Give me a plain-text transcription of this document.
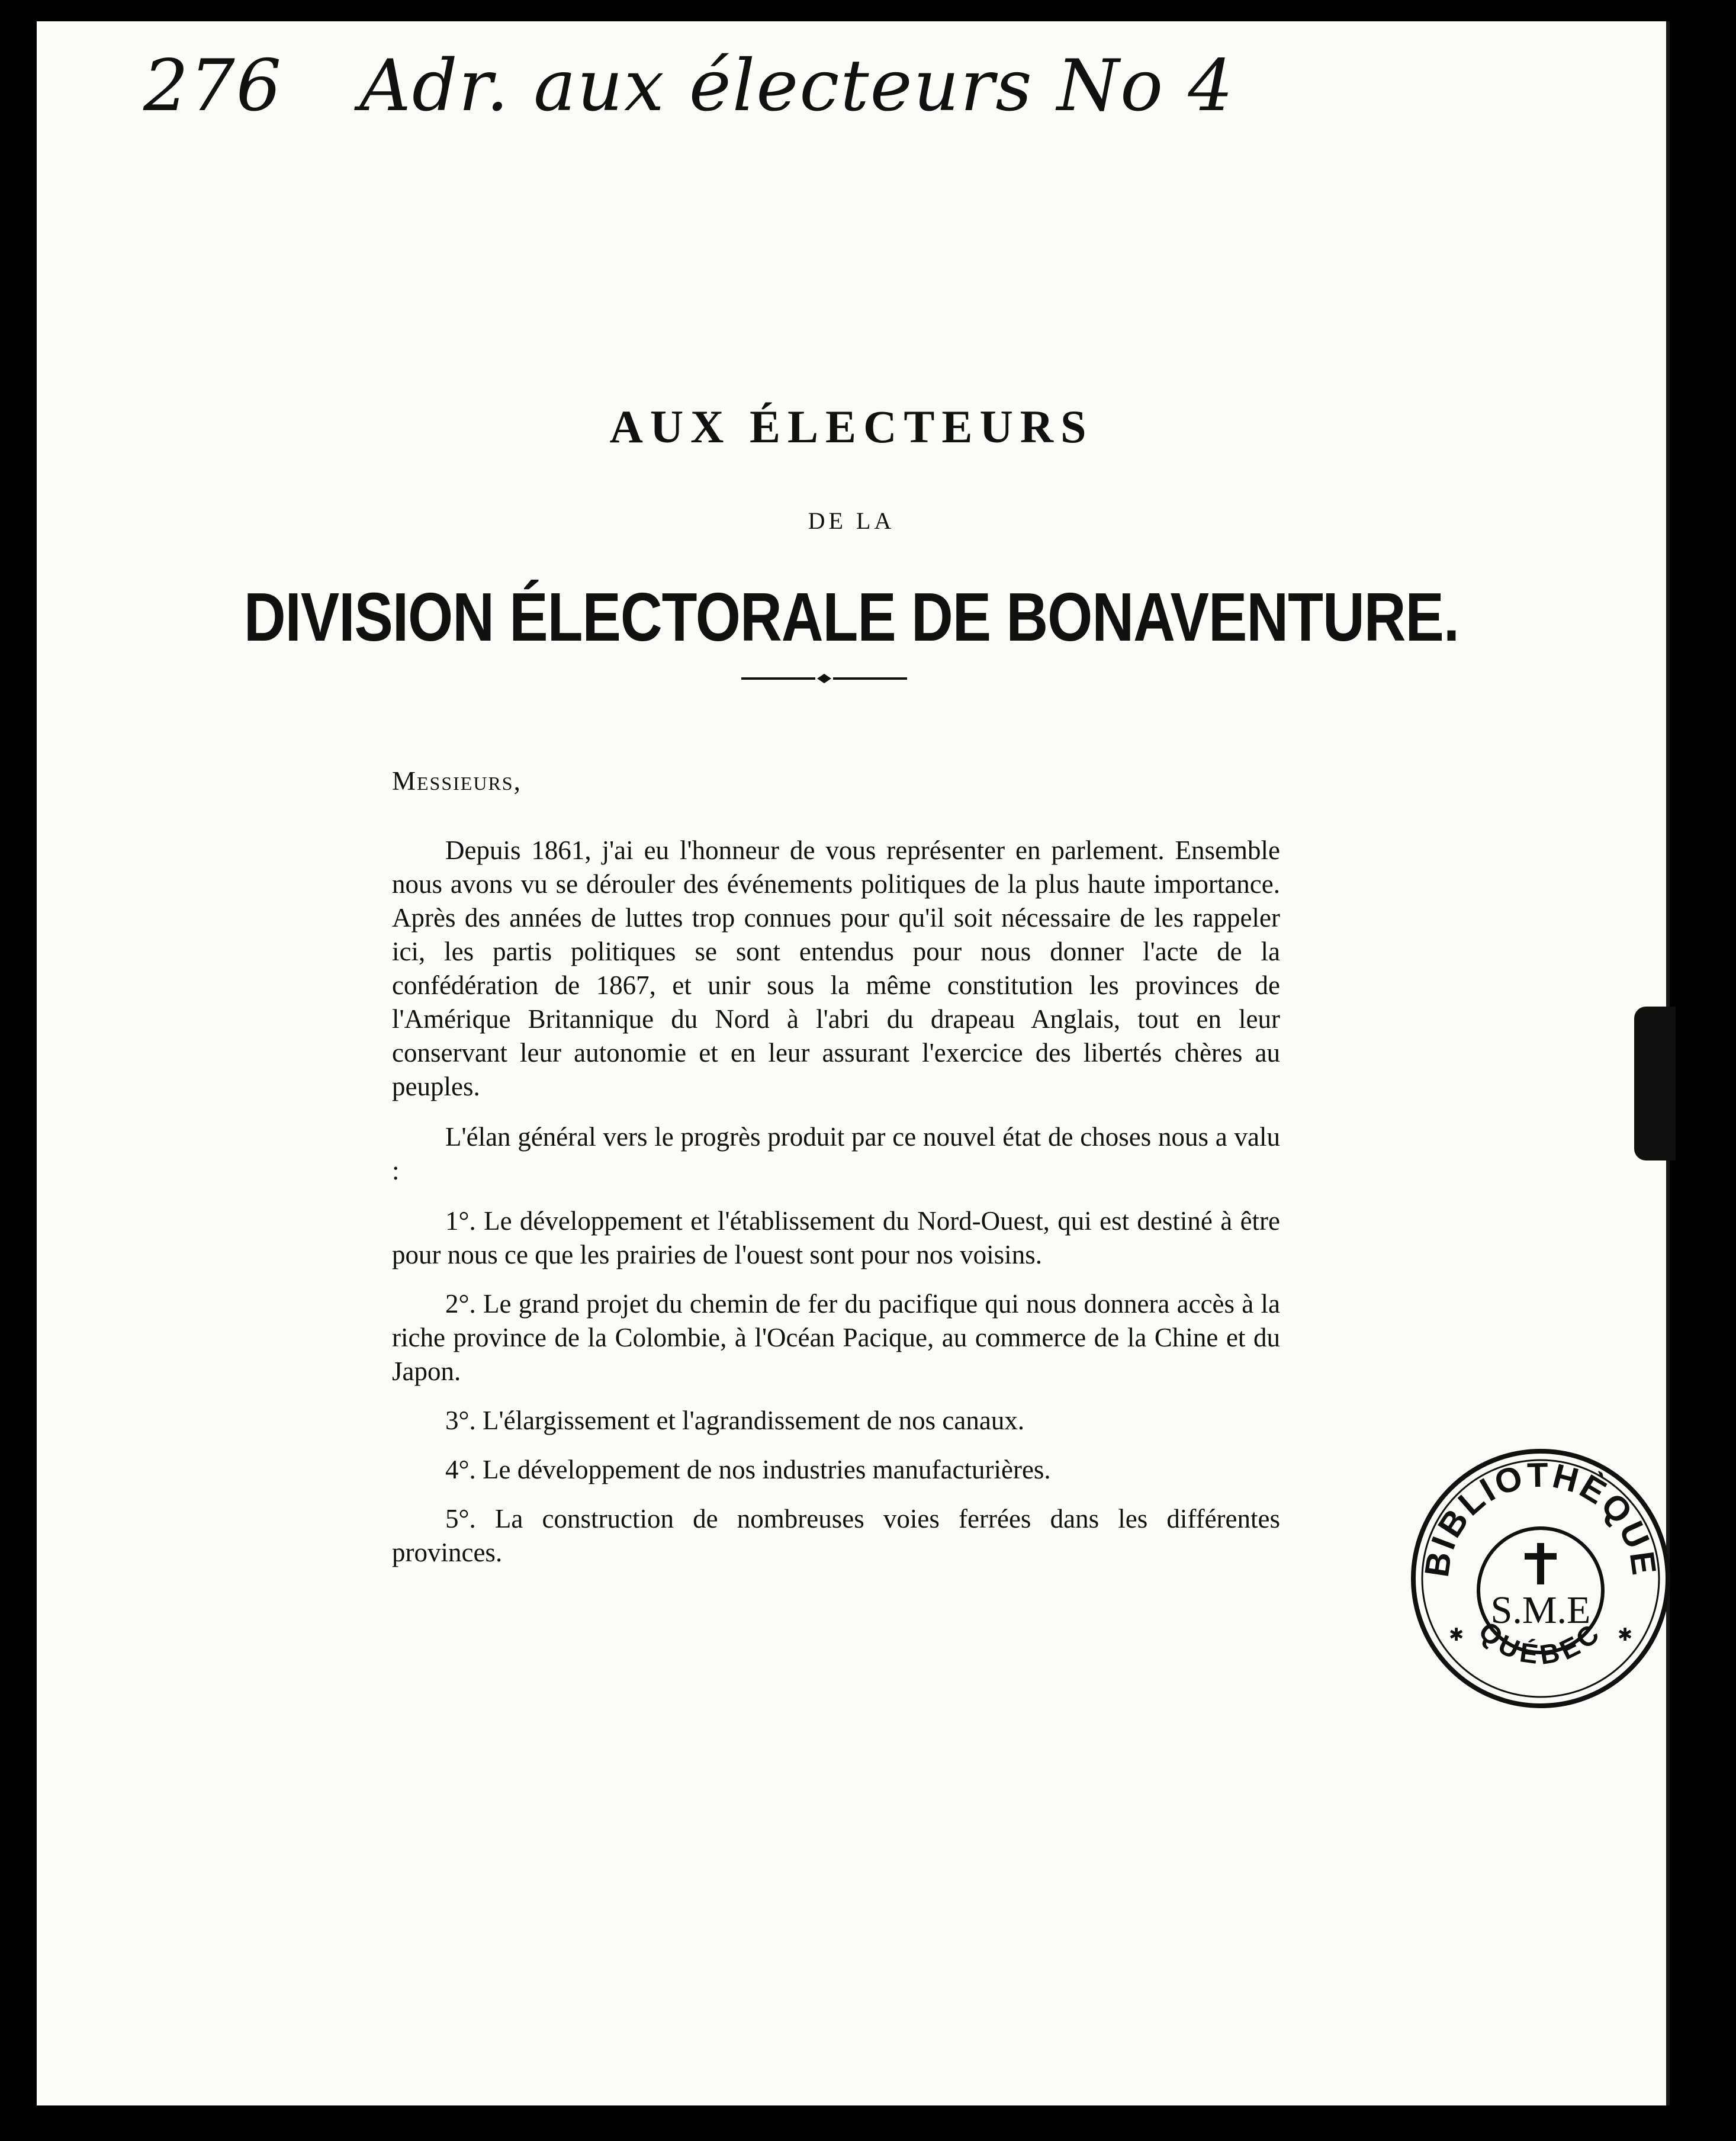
276 Adr. aux électeurs No 4
AUX ÉLECTEURS
DE LA
DIVISION ÉLECTORALE DE BONAVENTURE.

Messieurs,

Depuis 1861, j'ai eu l'honneur de vous représenter en parlement. Ensemble nous avons vu se dérouler des événements politiques de la plus haute importance. Après des années de luttes trop connues pour qu'il soit nécessaire de les rappeler ici, les partis politiques se sont entendus pour nous donner l'acte de la confédération de 1867, et unir sous la même constitution les provinces de l'Amérique Britannique du Nord à l'abri du drapeau Anglais, tout en leur conservant leur autonomie et en leur assurant l'exercice des libertés chères au peuples.

L'élan général vers le progrès produit par ce nouvel état de choses nous a valu :

1°. Le développement et l'établissement du Nord-Ouest, qui est destiné à être pour nous ce que les prairies de l'ouest sont pour nos voisins.

2°. Le grand projet du chemin de fer du pacifique qui nous donnera accès à la riche province de la Colombie, à l'Océan Pacique, au commerce de la Chine et du Japon.

3°. L'élargissement et l'agrandissement de nos canaux.

4°. Le développement de nos industries manufacturières.

5°. La construction de nombreuses voies ferrées dans les différentes provinces.	BIBLIOTHÈQUE
QUÉBEC
S.M.E
✱	✱
